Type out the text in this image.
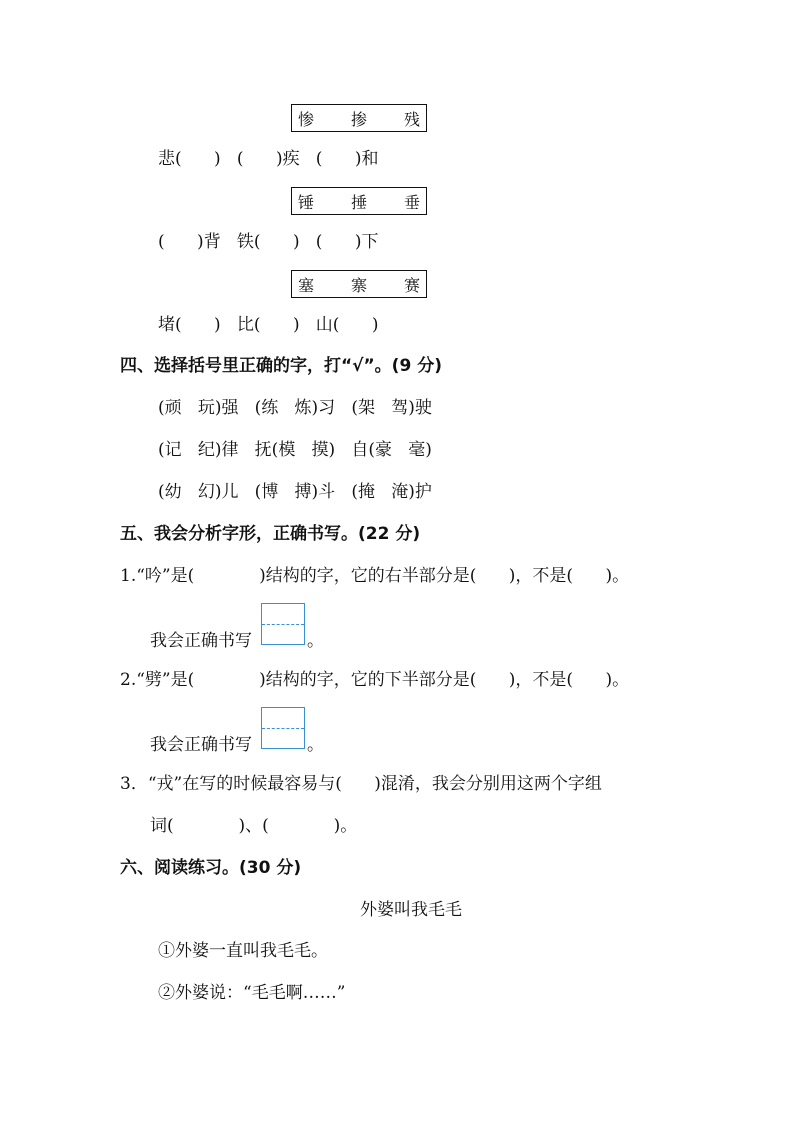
惨 掺 残
悲(      )   (      )疾   (      )和
锤 捶 垂
(      )背   铁(      )   (      )下
塞 寨 赛
堵(      )   比(      )   山(      )
四、选择括号里正确的字，打“√”。(9 分)
(顽   玩)强   (练   炼)习   (架   驾)驶
(记   纪)律   抚(模   摸)   自(豪   毫)
(幼   幻)儿   (博   搏)斗   (掩   淹)护
五、我会分析字形，正确书写。(22 分)
1.“吟”是(            )结构的字，它的右半部分是(      )，不是(      )。
我会正确书写	。
2.“劈”是(            )结构的字，它的下半部分是(      )，不是(      )。
我会正确书写	。
3．“戎”在写的时候最容易与(      )混淆，我会分别用这两个字组
词(            )、(            )。
六、阅读练习。(30 分)
外婆叫我毛毛
①外婆一直叫我毛毛。
②外婆说：“毛毛啊……”
